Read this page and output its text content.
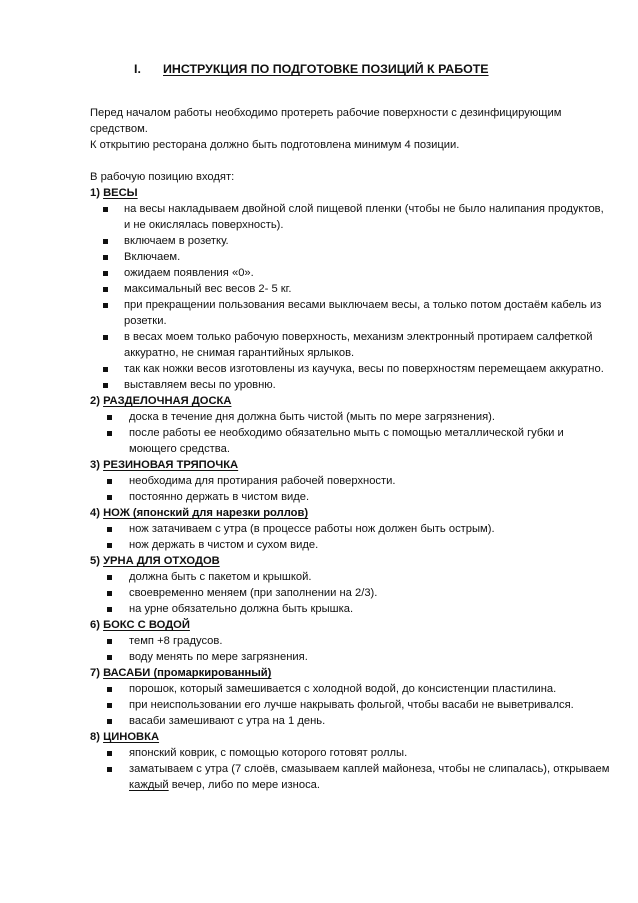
I. ИНСТРУКЦИЯ ПО ПОДГОТОВКЕ ПОЗИЦИЙ К РАБОТЕ

Перед началом работы необходимо протереть рабочие поверхности с дезинфицирующим средством.

К открытию ресторана должно быть подготовлена минимум 4 позиции.

В рабочую позицию входят:

1) ВЕСЫ

на весы накладываем двойной слой пищевой пленки (чтобы не было налипания продуктов, и не окислялась поверхность).
включаем в розетку.
Включаем.
ожидаем появления «0».
максимальный вес весов 2- 5 кг.
при прекращении пользования весами выключаем весы, а только потом достаём кабель из розетки.
в весах моем только рабочую поверхность, механизм электронный протираем салфеткой аккуратно, не снимая гарантийных ярлыков.
так как ножки весов изготовлены из каучука, весы по поверхностям перемещаем аккуратно.
выставляем весы по уровню.

2) РАЗДЕЛОЧНАЯ ДОСКА

доска в течение дня должна быть чистой (мыть по мере загрязнения).
после работы ее необходимо обязательно мыть с помощью металлической губки и моющего средства.

3) РЕЗИНОВАЯ ТРЯПОЧКА

необходима для протирания рабочей поверхности.
постоянно держать в чистом виде.

4) НОЖ (японский для нарезки роллов)

нож затачиваем с утра (в процессе работы нож должен быть острым).
нож держать в чистом и сухом виде.

5) УРНА ДЛЯ ОТХОДОВ

должна быть с пакетом и крышкой.
своевременно меняем (при заполнении на 2/3).
на урне обязательно должна быть крышка.

6) БОКС С ВОДОЙ

темп +8 градусов.
воду менять по мере загрязнения.

7) ВАСАБИ (промаркированный)

порошок, который замешивается с холодной водой, до консистенции пластилина.
при неиспользовании его лучше накрывать фольгой, чтобы васаби не выветривался.
васаби замешивают с утра на 1 день.

8) ЦИНОВКА

японский коврик, с помощью которого готовят роллы.
заматываем с утра (7 слоёв, смазываем каплей майонеза, чтобы не слипалась), открываем каждый вечер, либо по мере износа.
